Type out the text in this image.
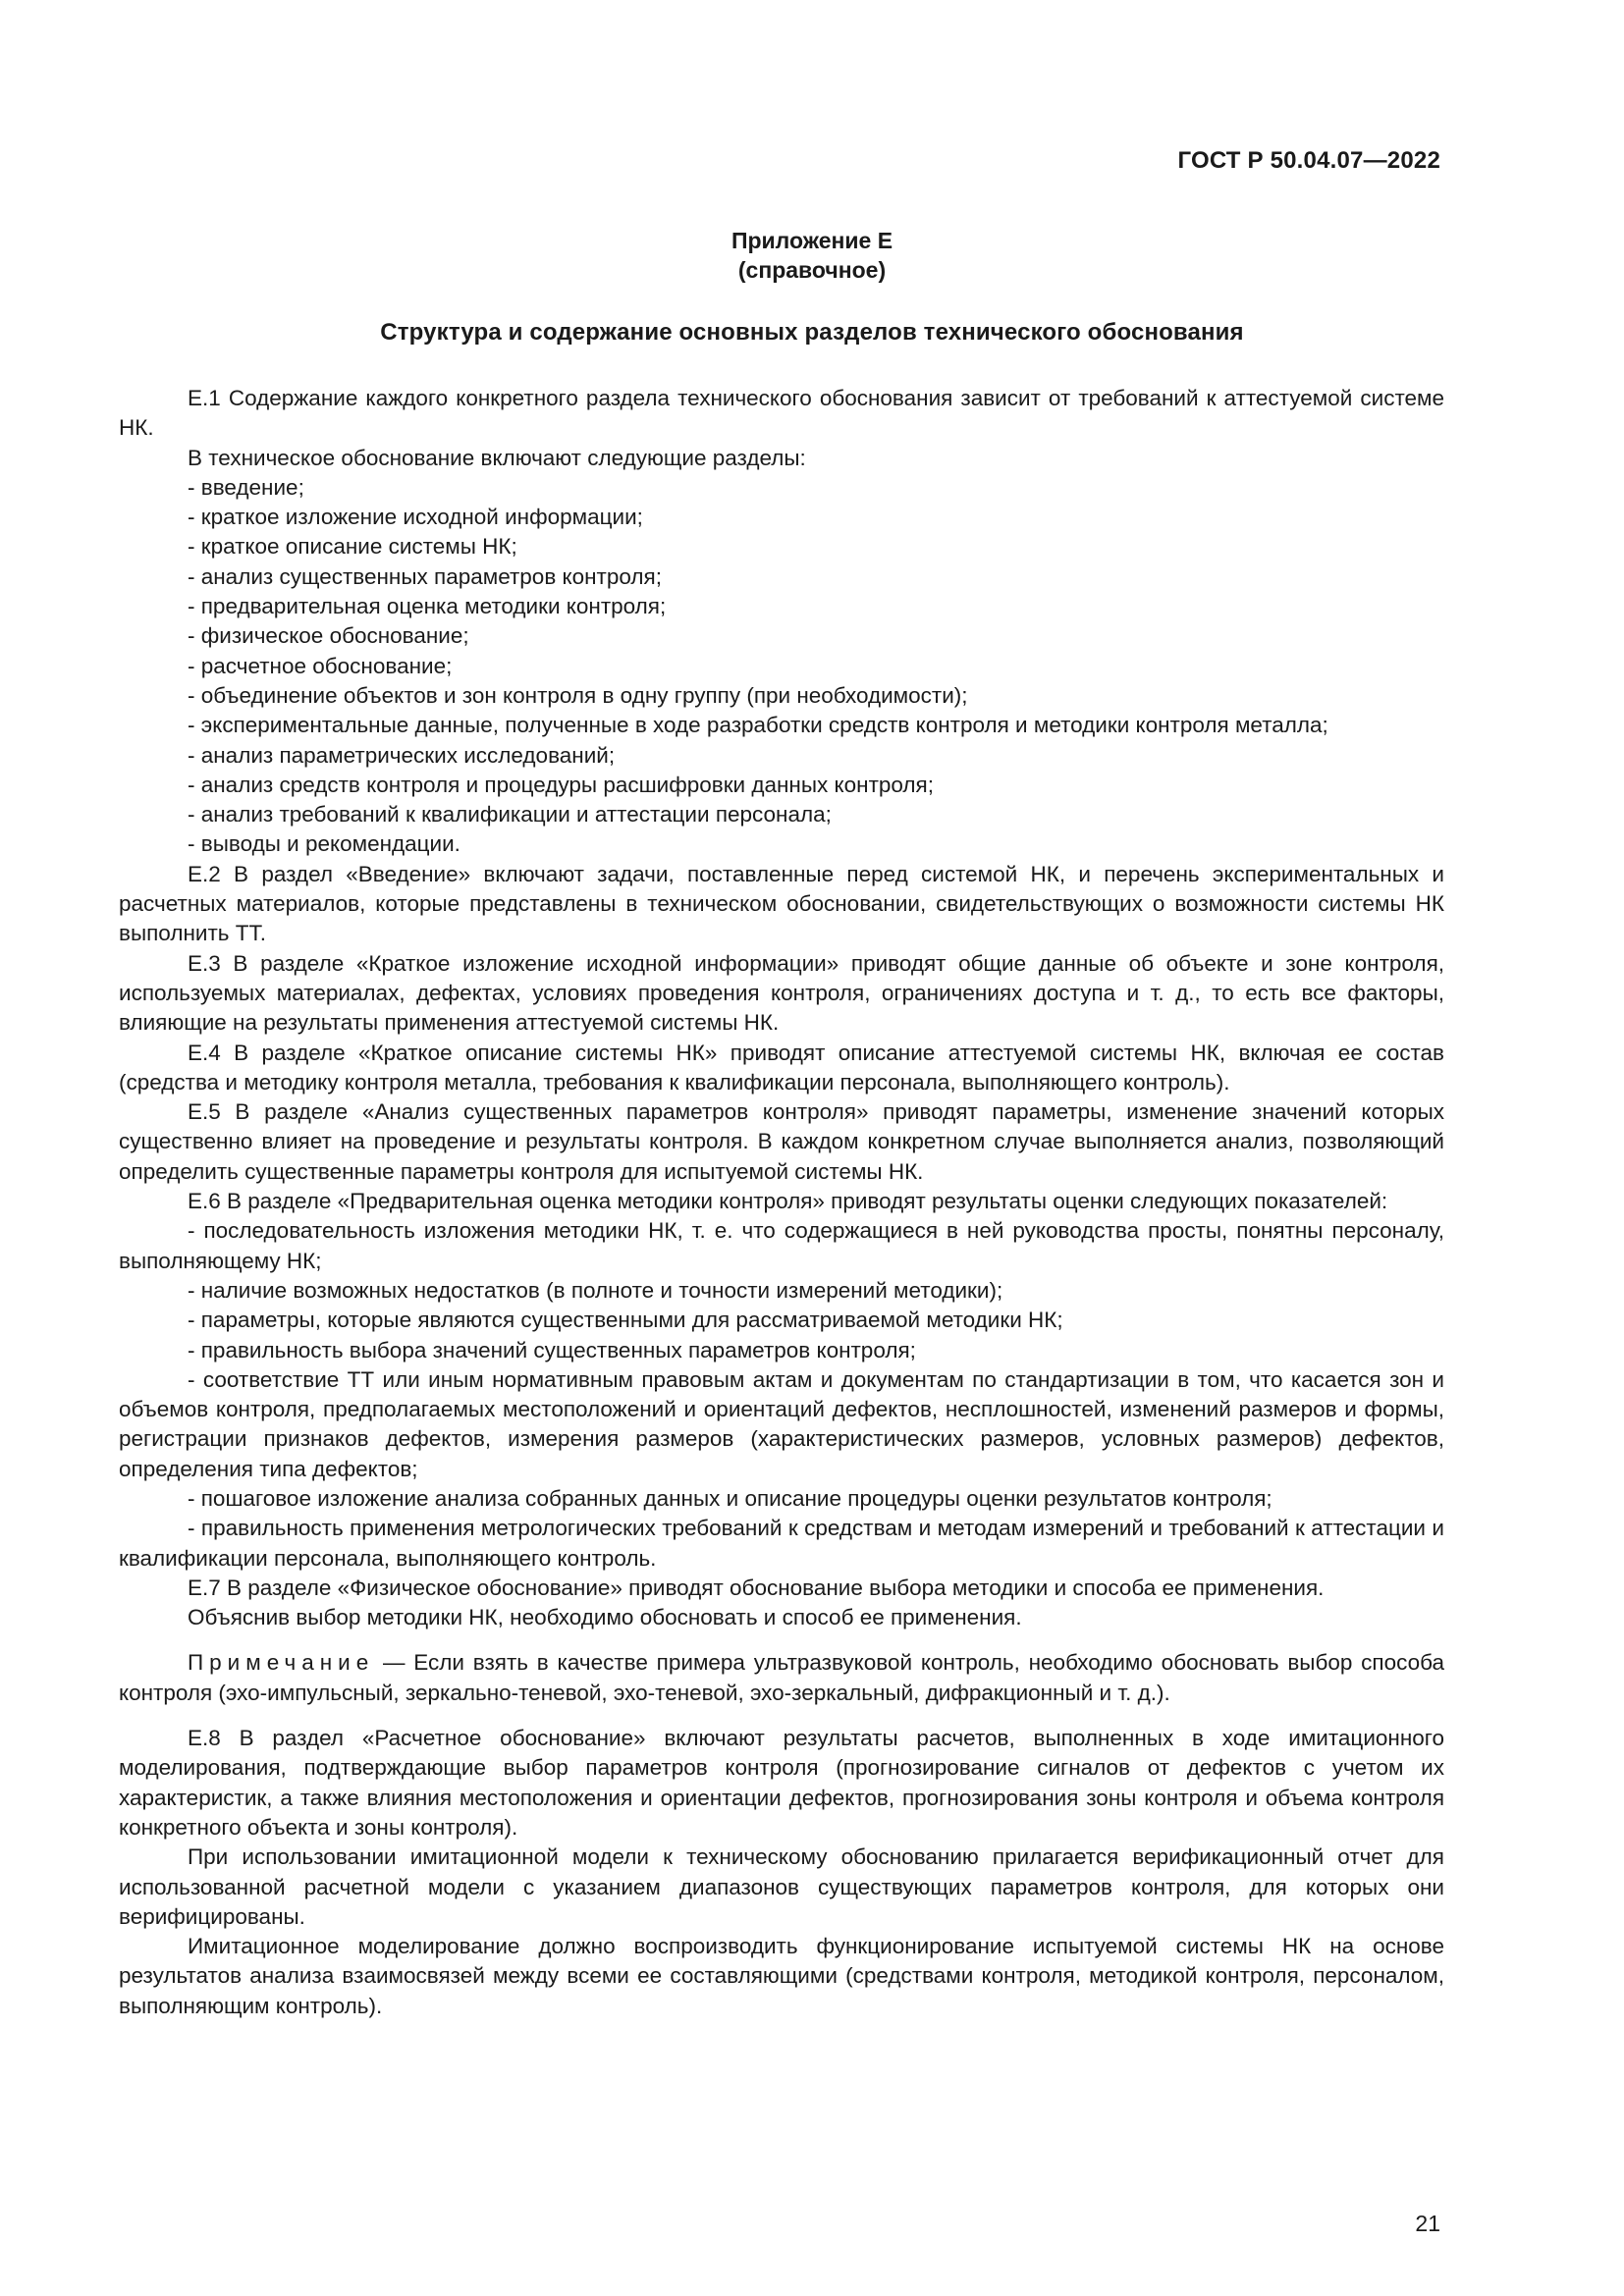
ГОСТ Р 50.04.07—2022
Приложение Е
(справочное)
Структура и содержание основных разделов технического обоснования

Е.1 Содержание каждого конкретного раздела технического обоснования зависит от требований к аттестуемой системе НК.

В техническое обоснование включают следующие разделы:

- введение;

- краткое изложение исходной информации;

- краткое описание системы НК;

- анализ существенных параметров контроля;

- предварительная оценка методики контроля;

- физическое обоснование;

- расчетное обоснование;

- объединение объектов и зон контроля в одну группу (при необходимости);

- экспериментальные данные, полученные в ходе разработки средств контроля и методики контроля металла;

- анализ параметрических исследований;

- анализ средств контроля и процедуры расшифровки данных контроля;

- анализ требований к квалификации и аттестации персонала;

- выводы и рекомендации.

Е.2 В раздел «Введение» включают задачи, поставленные перед системой НК, и перечень экспериментальных и расчетных материалов, которые представлены в техническом обосновании, свидетельствующих о возможности системы НК выполнить ТТ.

Е.3 В разделе «Краткое изложение исходной информации» приводят общие данные об объекте и зоне контроля, используемых материалах, дефектах, условиях проведения контроля, ограничениях доступа и т. д., то есть все факторы, влияющие на результаты применения аттестуемой системы НК.

Е.4 В разделе «Краткое описание системы НК» приводят описание аттестуемой системы НК, включая ее состав (средства и методику контроля металла, требования к квалификации персонала, выполняющего контроль).

Е.5 В разделе «Анализ существенных параметров контроля» приводят параметры, изменение значений которых существенно влияет на проведение и результаты контроля. В каждом конкретном случае выполняется анализ, позволяющий определить существенные параметры контроля для испытуемой системы НК.

Е.6 В разделе «Предварительная оценка методики контроля» приводят результаты оценки следующих показателей:

- последовательность изложения методики НК, т. е. что содержащиеся в ней руководства просты, понятны персоналу, выполняющему НК;

- наличие возможных недостатков (в полноте и точности измерений методики);

- параметры, которые являются существенными для рассматриваемой методики НК;

- правильность выбора значений существенных параметров контроля;

- соответствие ТТ или иным нормативным правовым актам и документам по стандартизации в том, что касается зон и объемов контроля, предполагаемых местоположений и ориентаций дефектов, несплошностей, изменений размеров и формы, регистрации признаков дефектов, измерения размеров (характеристических размеров, условных размеров) дефектов, определения типа дефектов;

- пошаговое изложение анализа собранных данных и описание процедуры оценки результатов контроля;

- правильность применения метрологических требований к средствам и методам измерений и требований к аттестации и квалификации персонала, выполняющего контроль.

Е.7 В разделе «Физическое обоснование» приводят обоснование выбора методики и способа ее применения.

Объяснив выбор методики НК, необходимо обосновать и способ ее применения.

Примечание — Если взять в качестве примера ультразвуковой контроль, необходимо обосновать выбор способа контроля (эхо-импульсный, зеркально-теневой, эхо-теневой, эхо-зеркальный, дифракционный и т. д.).

Е.8 В раздел «Расчетное обоснование» включают результаты расчетов, выполненных в ходе имитационного моделирования, подтверждающие выбор параметров контроля (прогнозирование сигналов от дефектов с учетом их характеристик, а также влияния местоположения и ориентации дефектов, прогнозирования зоны контроля и объема контроля конкретного объекта и зоны контроля).

При использовании имитационной модели к техническому обоснованию прилагается верификационный отчет для использованной расчетной модели с указанием диапазонов существующих параметров контроля, для которых они верифицированы.

Имитационное моделирование должно воспроизводить функционирование испытуемой системы НК на основе результатов анализа взаимосвязей между всеми ее составляющими (средствами контроля, методикой контроля, персоналом, выполняющим контроль).

21
